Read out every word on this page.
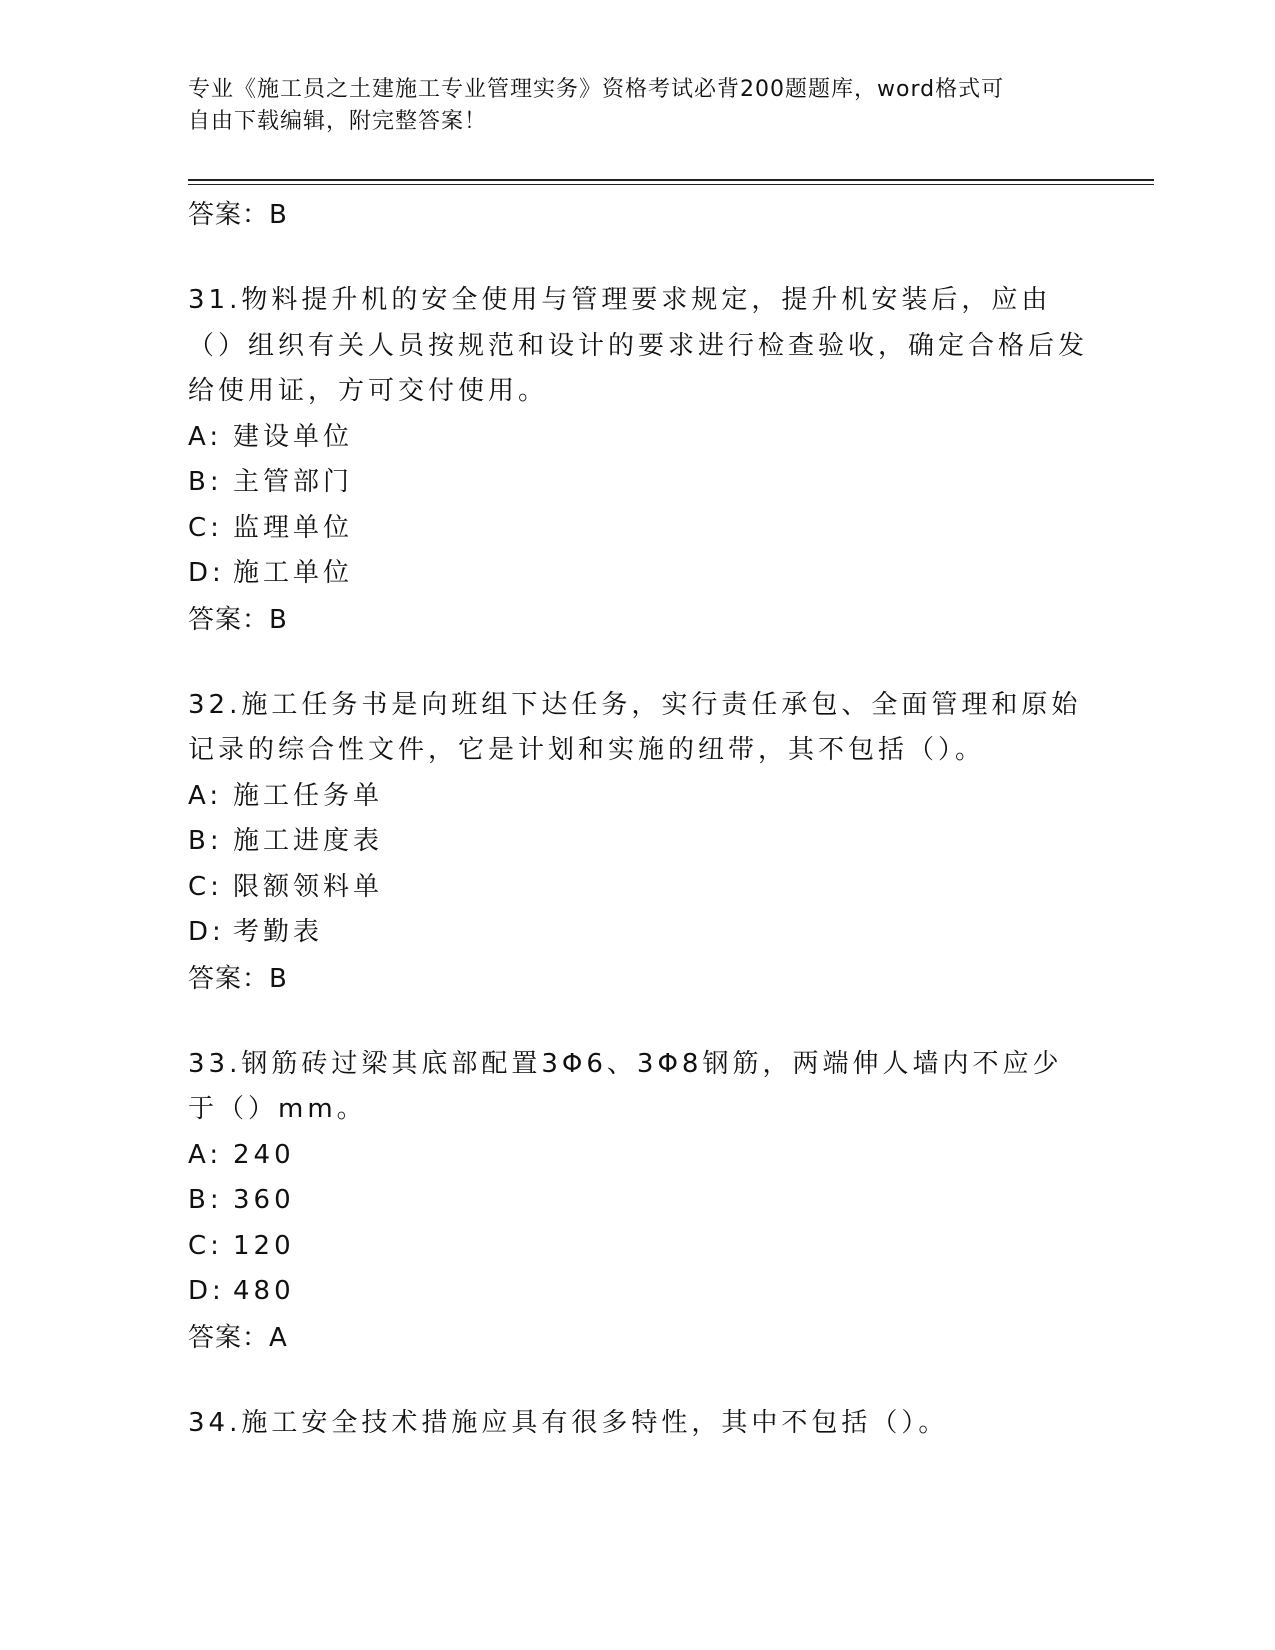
专业《施工员之土建施工专业管理实务》资格考试必背200题题库，word格式可
自由下载编辑，附完整答案！

答案：B

31.物料提升机的安全使用与管理要求规定，提升机安装后，应由（）组织有关人员按规范和设计的要求进行检查验收，确定合格后发给使用证，方可交付使用。

A: 建设单位
B: 主管部门
C: 监理单位
D: 施工单位

答案：B

32.施工任务书是向班组下达任务，实行责任承包、全面管理和原始记录的综合性文件，它是计划和实施的纽带，其不包括（）。

A: 施工任务单
B: 施工进度表
C: 限额领料单
D: 考勤表

答案：B

33.钢筋砖过梁其底部配置3Φ6、3Φ8钢筋，两端伸人墙内不应少于（）mm。

A: 240
B: 360
C: 120
D: 480

答案：A

34.施工安全技术措施应具有很多特性，其中不包括（）。
